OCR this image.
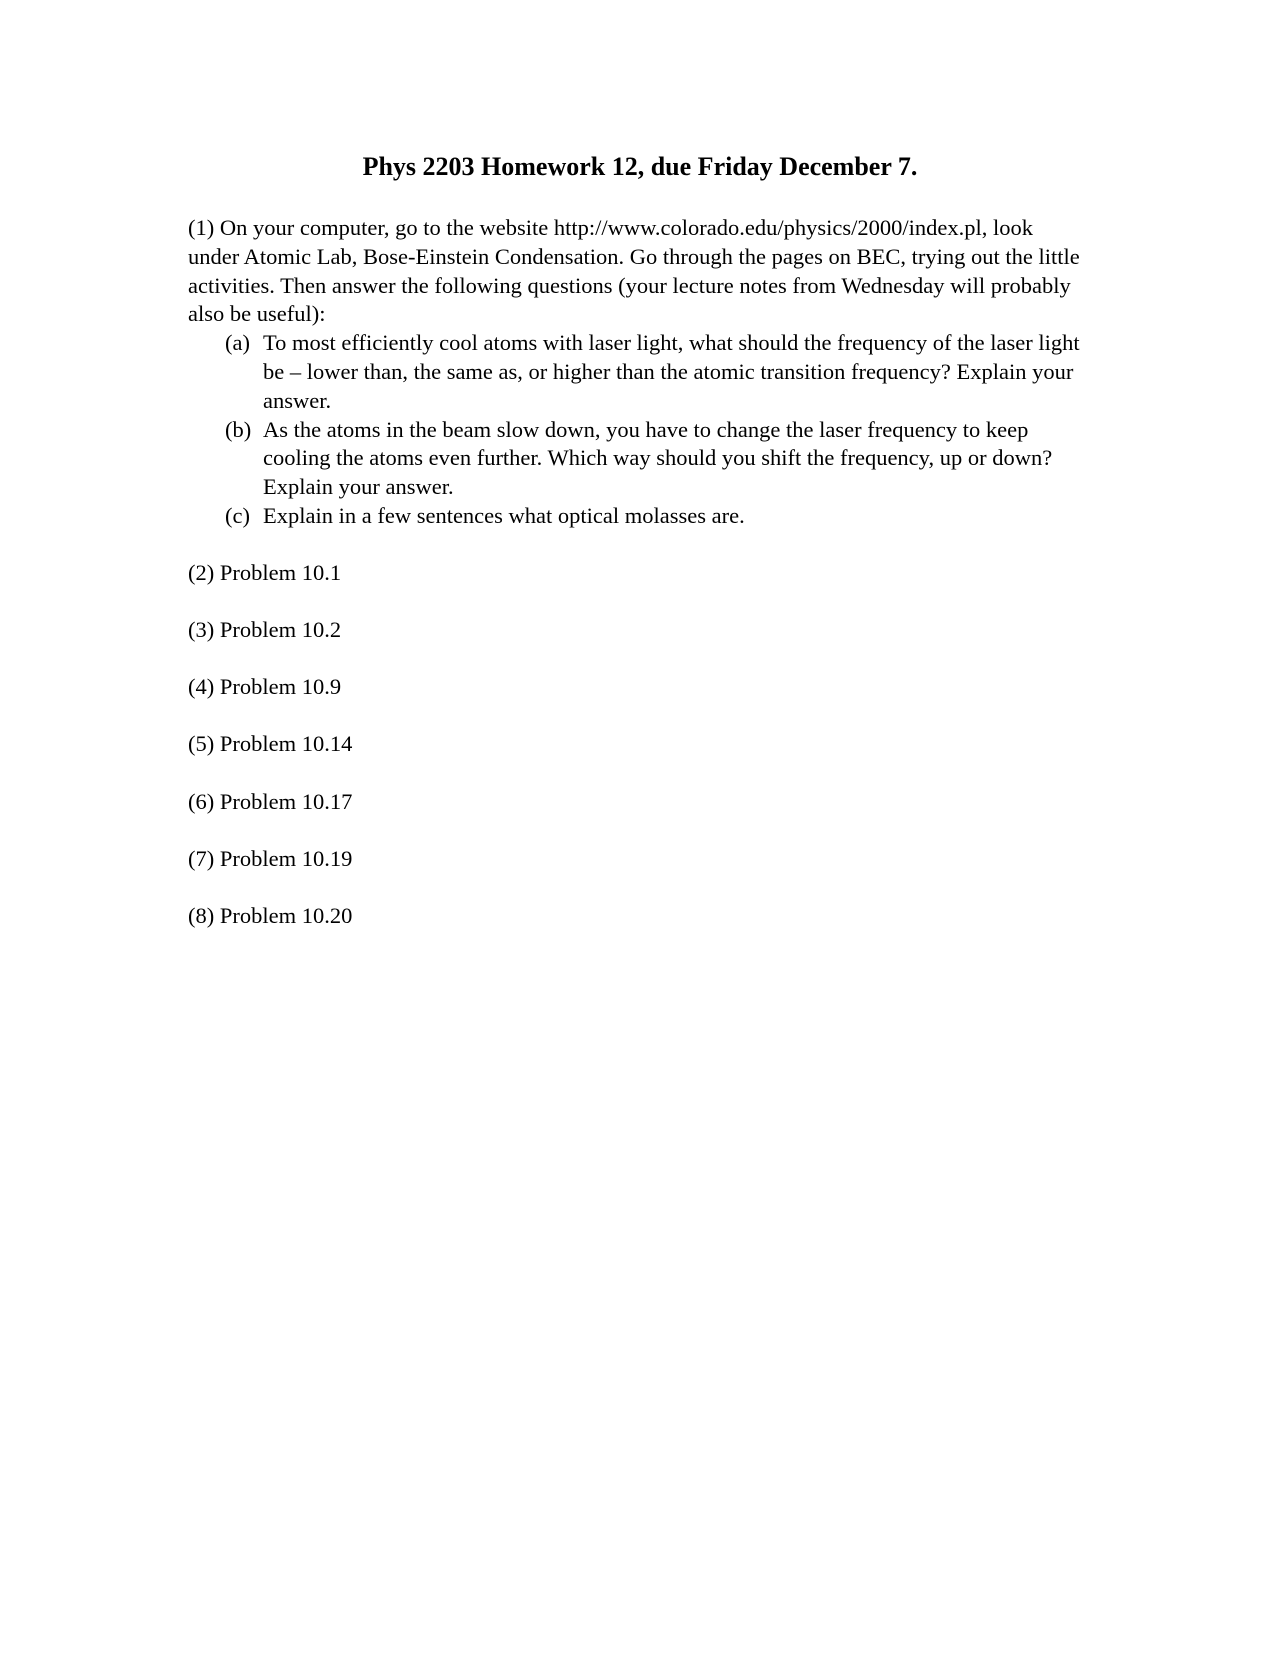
Phys 2203 Homework 12, due Friday December 7.

(1) On your computer, go to the website http://www.colorado.edu/physics/2000/index.pl, look under Atomic Lab, Bose-Einstein Condensation. Go through the pages on BEC, trying out the little activities. Then answer the following questions (your lecture notes from Wednesday will probably also be useful):

(a) To most efficiently cool atoms with laser light, what should the frequency of the laser light be – lower than, the same as, or higher than the atomic transition frequency? Explain your answer.
(b) As the atoms in the beam slow down, you have to change the laser frequency to keep cooling the atoms even further. Which way should you shift the frequency, up or down? Explain your answer.
(c) Explain in a few sentences what optical molasses are.

(2) Problem 10.1

(3) Problem 10.2

(4) Problem 10.9

(5) Problem 10.14

(6) Problem 10.17

(7) Problem 10.19

(8) Problem 10.20
